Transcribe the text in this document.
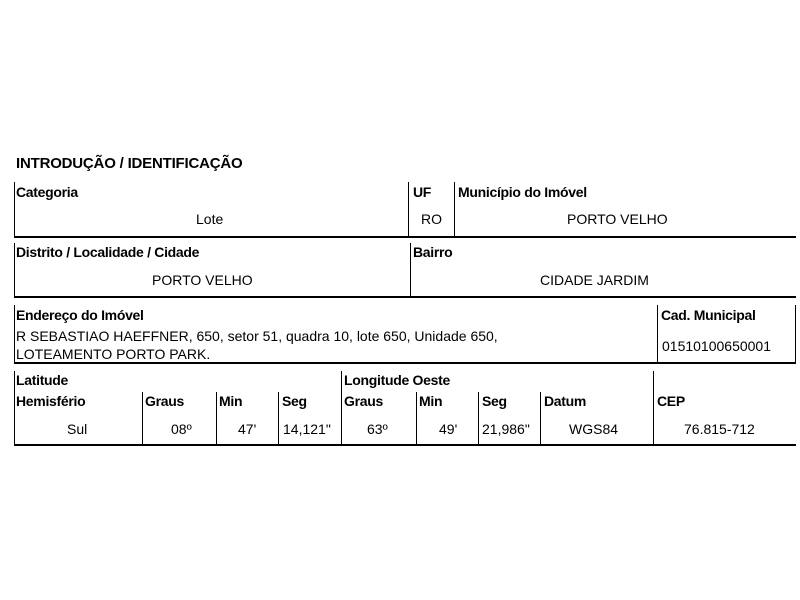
INTRODUÇÃO / IDENTIFICAÇÃO
Categoria
Lote
UF
RO
Município do Imóvel
PORTO VELHO
Distrito / Localidade / Cidade
PORTO VELHO
Bairro
CIDADE JARDIM
Endereço do Imóvel
R SEBASTIAO HAEFFNER, 650, setor 51, quadra 10, lote 650, Unidade 650,
LOTEAMENTO PORTO PARK.
Cad. Municipal
01510100650001
Latitude	Longitude Oeste
Hemisfério	Graus	Min	Seg	Graus	Min	Seg	Datum	CEP
Sul	08º	47' 14,121"	63º	49' 21,986"	WGS84	76.815-712
